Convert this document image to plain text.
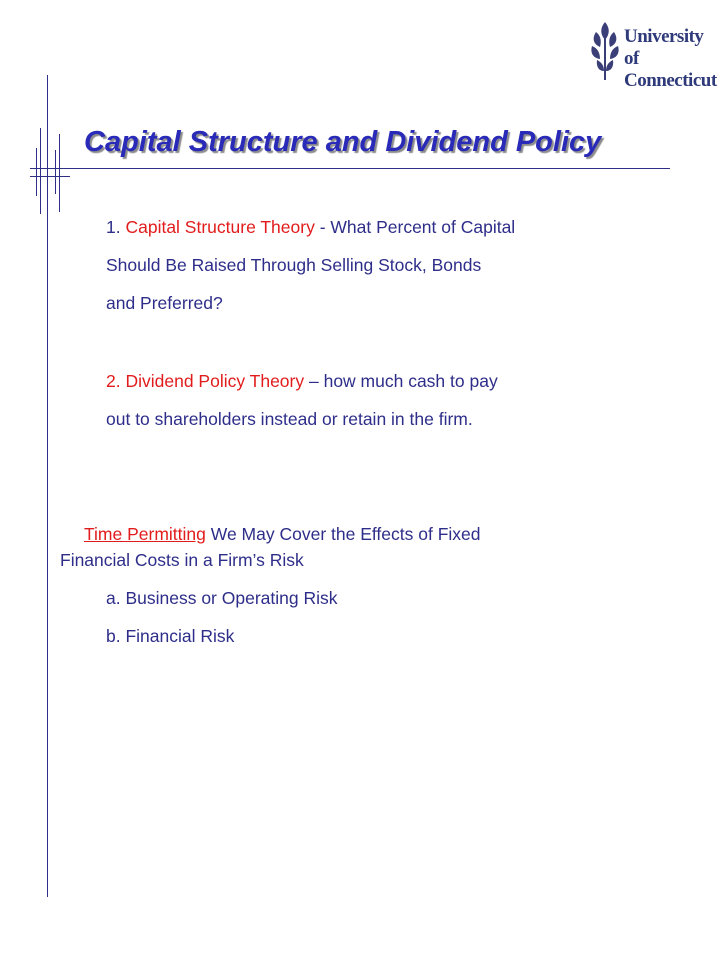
University of
Connecticut
Capital Structure and Dividend Policy
1. Capital Structure Theory - What Percent of Capital
Should Be Raised Through Selling Stock, Bonds
and Preferred?
2. Dividend Policy Theory – how much cash to pay
out to shareholders instead or retain in the firm.
Time Permitting We May Cover the Effects of Fixed
Financial Costs in a Firm’s Risk
a. Business or Operating Risk
b. Financial Risk
